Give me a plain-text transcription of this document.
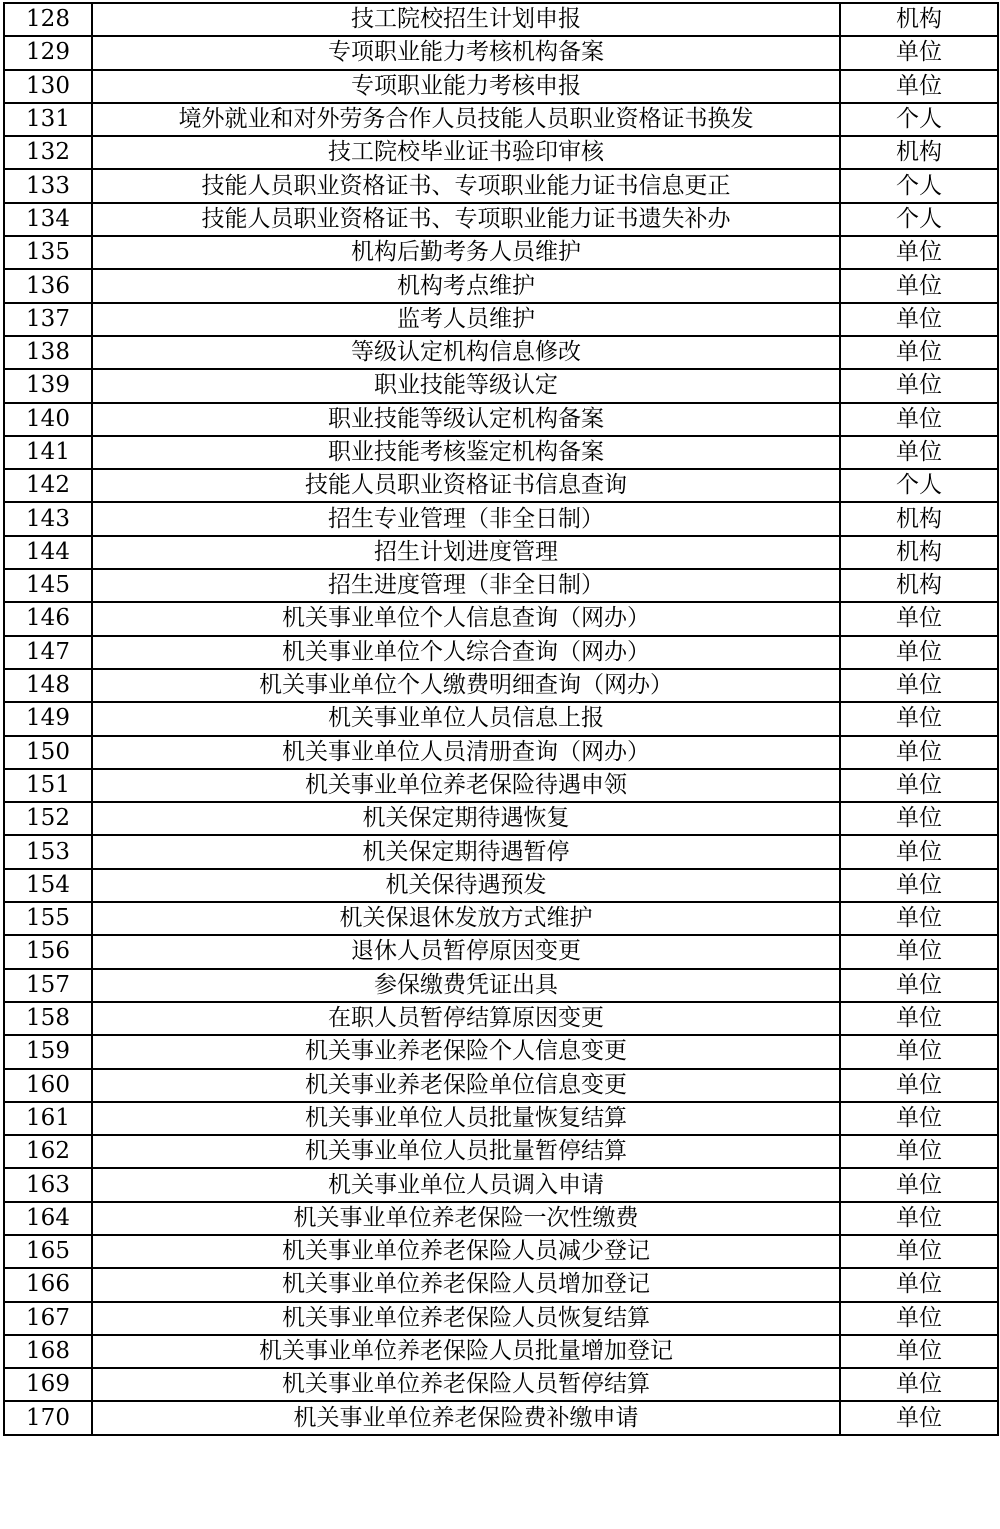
128	技工院校招生计划申报	机构
129	专项职业能力考核机构备案	单位
130	专项职业能力考核申报	单位
131	境外就业和对外劳务合作人员技能人员职业资格证书换发	个人
132	技工院校毕业证书验印审核	机构
133	技能人员职业资格证书、专项职业能力证书信息更正	个人
134	技能人员职业资格证书、专项职业能力证书遗失补办	个人
135	机构后勤考务人员维护	单位
136	机构考点维护	单位
137	监考人员维护	单位
138	等级认定机构信息修改	单位
139	职业技能等级认定	单位
140	职业技能等级认定机构备案	单位
141	职业技能考核鉴定机构备案	单位
142	技能人员职业资格证书信息查询	个人
143	招生专业管理（非全日制）	机构
144	招生计划进度管理	机构
145	招生进度管理（非全日制）	机构
146	机关事业单位个人信息查询（网办）	单位
147	机关事业单位个人综合查询（网办）	单位
148	机关事业单位个人缴费明细查询（网办）	单位
149	机关事业单位人员信息上报	单位
150	机关事业单位人员清册查询（网办）	单位
151	机关事业单位养老保险待遇申领	单位
152	机关保定期待遇恢复	单位
153	机关保定期待遇暂停	单位
154	机关保待遇预发	单位
155	机关保退休发放方式维护	单位
156	退休人员暂停原因变更	单位
157	参保缴费凭证出具	单位
158	在职人员暂停结算原因变更	单位
159	机关事业养老保险个人信息变更	单位
160	机关事业养老保险单位信息变更	单位
161	机关事业单位人员批量恢复结算	单位
162	机关事业单位人员批量暂停结算	单位
163	机关事业单位人员调入申请	单位
164	机关事业单位养老保险一次性缴费	单位
165	机关事业单位养老保险人员减少登记	单位
166	机关事业单位养老保险人员增加登记	单位
167	机关事业单位养老保险人员恢复结算	单位
168	机关事业单位养老保险人员批量增加登记	单位
169	机关事业单位养老保险人员暂停结算	单位
170	机关事业单位养老保险费补缴申请	单位
